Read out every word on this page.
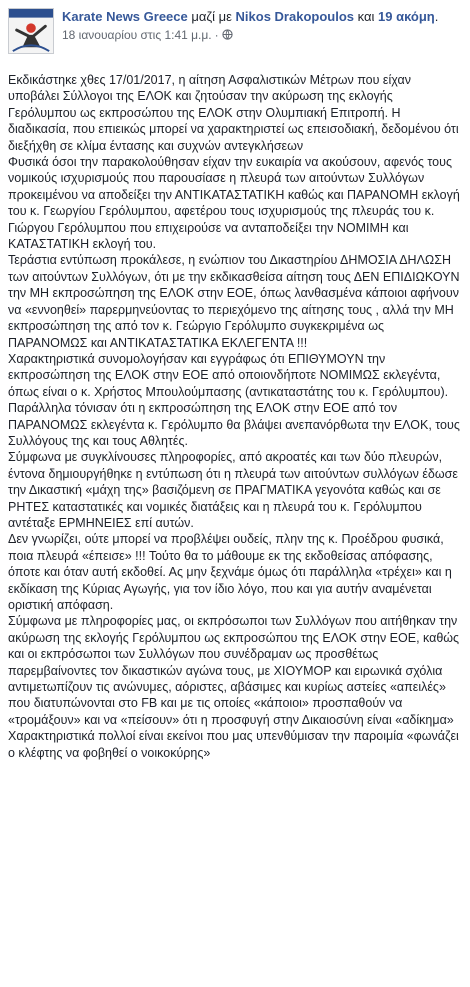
Karate News Greece μαζί με Nikos Drakopoulos και 19 ακόμη.
18 ιανουαρίου στις 1:41 μ.μ. ·

Εκδικάστηκε χθες 17/01/2017, η αίτηση Ασφαλιστικών Μέτρων που είχαν υποβάλει Σύλλογοι της ΕΛΟΚ και ζητούσαν την ακύρωση της εκλογής Γερόλυμπου ως εκπροσώπου της ΕΛΟΚ στην Ολυμπιακή Επιτροπή. Η διαδικασία, που επιεικώς μπορεί να χαρακτηριστεί ως επεισοδιακή, δεδομένου ότι διεξήχθη σε κλίμα έντασης και συχνών αντεγκλήσεων

Φυσικά όσοι την παρακολούθησαν είχαν την ευκαιρία να ακούσουν, αφενός τους νομικούς ισχυρισμούς που παρουσίασε η πλευρά των αιτούντων Συλλόγων προκειμένου να αποδείξει την ΑΝΤΙΚΑΤΑΣΤΑΤΙΚΗ καθώς και ΠΑΡΑΝΟΜΗ εκλογή του κ. Γεωργίου Γερόλυμπου, αφετέρου τους ισχυρισμούς της πλευράς του κ. Γιώργου Γερόλυμπου που επιχειρούσε να ανταποδείξει την ΝΟΜΙΜΗ και ΚΑΤΑΣΤΑΤΙΚΗ εκλογή του.

Τεράστια εντύπωση προκάλεσε, η ενώπιον του Δικαστηρίου ΔΗΜΟΣΙΑ ΔΗΛΩΣΗ των αιτούντων Συλλόγων, ότι με την εκδικασθείσα αίτηση τους ΔΕΝ ΕΠΙΔΙΩΚΟΥΝ την ΜΗ εκπροσώπηση της ΕΛΟΚ στην ΕΟΕ, όπως λανθασμένα κάποιοι αφήνουν να «εννοηθεί» παρερμηνεύοντας το περιεχόμενο της αίτησης τους , αλλά την ΜΗ εκπροσώπηση της από τον κ. Γεώργιο Γερόλυμπο συγκεκριμένα ως ΠΑΡΑΝΟΜΩΣ και ΑΝΤΙΚΑΤΑΣΤΑΤΙΚΑ ΕΚΛΕΓΕΝΤΑ !!!

Χαρακτηριστικά συνομολογήσαν και εγγράφως ότι ΕΠΙΘΥΜΟΥΝ την εκπροσώπηση της ΕΛΟΚ στην ΕΟΕ από οποιονδήποτε ΝΟΜΙΜΩΣ εκλεγέντα, όπως είναι ο κ. Χρήστος Μπουλούμπασης (αντικαταστάτης του κ. Γερόλυμπου). Παράλληλα τόνισαν ότι η εκπροσώπηση της ΕΛΟΚ στην ΕΟΕ από τον ΠΑΡΑΝΟΜΩΣ εκλεγέντα κ. Γερόλυμπο θα βλάψει ανεπανόρθωτα την ΕΛΟΚ, τους Συλλόγους της και τους Αθλητές.

Σύμφωνα με συγκλίνουσες πληροφορίες, από ακροατές και των δύο πλευρών, έντονα δημιουργήθηκε η εντύπωση ότι η πλευρά των αιτούντων συλλόγων έδωσε την Δικαστική «μάχη της» βασιζόμενη σε ΠΡΑΓΜΑΤΙΚΑ γεγονότα καθώς και σε ΡΗΤΕΣ καταστατικές και νομικές διατάξεις και η πλευρά του κ. Γερόλυμπου αντέταξε ΕΡΜΗΝΕΙΕΣ επί αυτών.

Δεν γνωρίζει, ούτε μπορεί να προβλέψει ουδείς, πλην της κ. Προέδρου φυσικά, ποια πλευρά «έπεισε» !!! Τούτο θα το μάθουμε εκ της εκδοθείσας απόφασης, όποτε και όταν αυτή εκδοθεί. Ας μην ξεχνάμε όμως ότι παράλληλα «τρέχει» και η εκδίκαση της Κύριας Αγωγής, για τον ίδιο λόγο, που και για αυτήν αναμένεται οριστική απόφαση.

Σύμφωνα με πληροφορίες μας, οι εκπρόσωποι των Συλλόγων που αιτήθηκαν την ακύρωση της εκλογής Γερόλυμπου ως εκπροσώπου της ΕΛΟΚ στην ΕΟΕ, καθώς και οι εκπρόσωποι των Συλλόγων που συνέδραμαν ως προσθέτως παρεμβαίνοντες τον δικαστικών αγώνα τους, με ΧΙΟΥΜΟΡ και ειρωνικά σχόλια αντιμετωπίζουν τις ανώνυμες, αόριστες, αβάσιμες και κυρίως αστείες «απειλές» που διατυπώνονται στο FB και με τις οποίες «κάποιοι» προσπαθούν να «τρομάξουν» και να «πείσουν» ότι η προσφυγή στην Δικαιοσύνη είναι «αδίκημα»

Χαρακτηριστικά πολλοί είναι εκείνοι που μας υπενθύμισαν την παροιμία «φωνάζει ο κλέφτης να φοβηθεί ο νοικοκύρης»
